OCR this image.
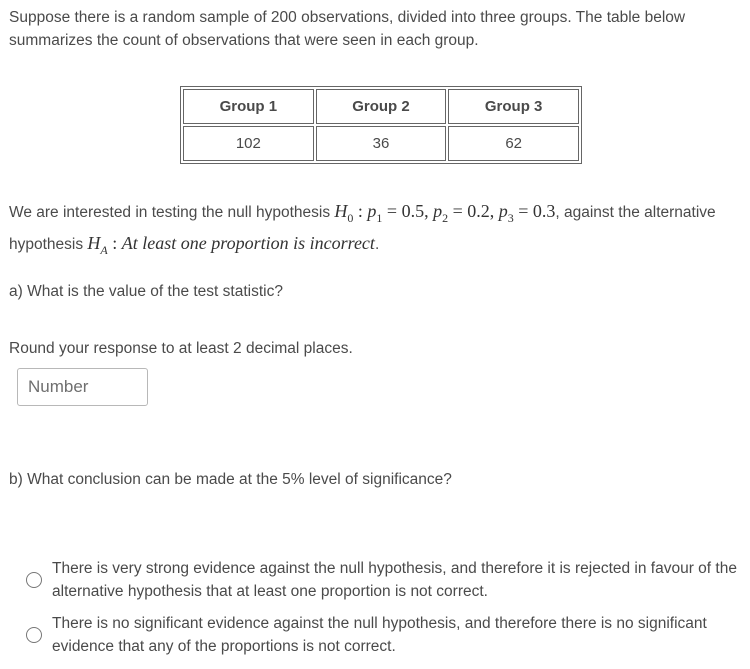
Suppose there is a random sample of 200 observations, divided into three groups. The table below summarizes the count of observations that were seen in each group.
Group 1	Group 2	Group 3
102	36	62
We are interested in testing the null hypothesis $H_0$ : $p_1 = 0.5$, $p_2 = 0.2$, $p_3 = 0.3$, against the alternative hypothesis $H_A$ : At least one proportion is incorrect.
a) What is the value of the test statistic?
Round your response to at least 2 decimal places.
Number
b) What conclusion can be made at the 5% level of significance?
There is very strong evidence against the null hypothesis, and therefore it is rejected in favour of the alternative hypothesis that at least one proportion is not correct.
There is no significant evidence against the null hypothesis, and therefore there is no significant evidence that any of the proportions is not correct.
